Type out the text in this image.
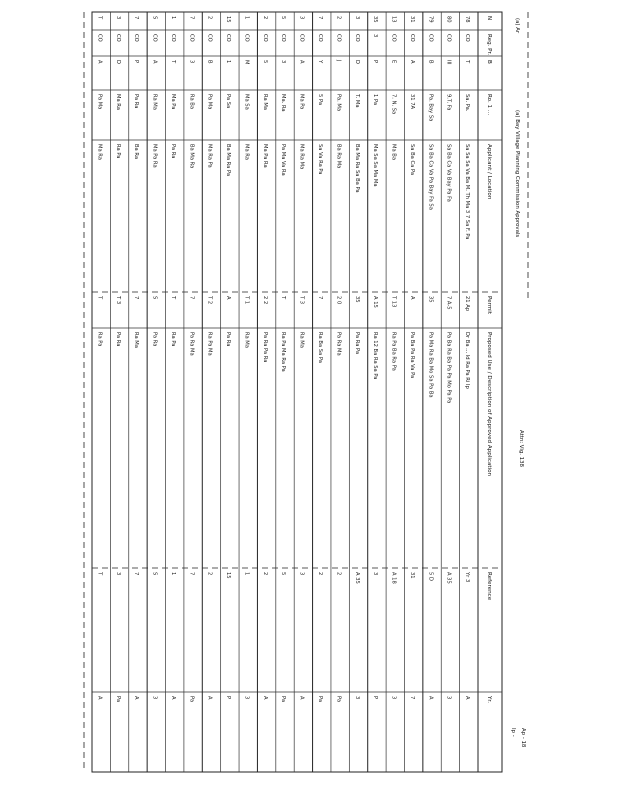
N
Reg. Pr.
B
Ro. 1 ...
Applicant / Location
Permit
Proposed Use / Description of Approved Application
Reference
Yr.
78
CO
T
Sa. Pa.
Sa Sa Sa Va Ba M. Th Ma 3 7 Sa F. Pa
21 Ap
Dr Ba ... Id Ra Pa Ri Ip
Yr 3
A
80
CO
III
9.T. Fa
Sa Ba Ca Va Bay Pa Fa
7 A-5
Pa Ba Ra Ba Pa Pa Mo Pa Pa
A 35
3
79
CO
B
Pa. Bay Sa
Sa Ba Ca Va Pa Bay Fa Sa
35
Pa Ma Ra Ba Mo Sa Pa Ba
5 D
A
31
CO
A
31 7A
Sa Ba Ca Pa
A
Pa Ba Pa Ra Va Pa
31
7
13
CO
E
7. N. Sa
Ma Ba
T 13
Ra Pa Ba Ra Pa
A 18
3
35
3
P
1 Pa
Ma Sa Sa Ma Ma
A 15
Ra 12 Ba Ra Sa Pa
3
P
3
CO
D
T. Ma
Ba Ma Ra Sa Ba Pa
35
Pa Ra Pa
A 35
3
2
CO
J
Pa. Ma
Ba Ra Ma
2 0
Pa Ra Ma
2
Pa
7
CO
Y
5 Pa
Sa Va Ra Pa
7
Ra Ba Sa Pa
2
Pa
3
CO
A
Ma Pa
Ma Ra Ma
T 3
Ra Ma
3
A
5
CO
3
Ma. Ra
Pa Ma Va Ra
T
Ra Pa Ma Ra Pa
5
Pa
2
CO
5
Ra Ma
Ma Pa Ra
2 2
Pa Ra Pa Ra
2
A
1
CO
M
Ma Sa
Ma Ra
T 1
Ra Ma
1
3
15
CO
1
Pa Sa
Ba Ma Ra Pa
A
Pa Ra
15
P
2
CO
B
Pa Ma
Ma Ra Pa
T 2
Ra Pa Ma
2
A
7
CO
3
Ra Ba
Ba Ma Ra
7
Pa Ra Ma
7
Pa
1
CO
T
Ma Pa
Pa Ra
T
Ra Pa
1
A
S
CO
A
Ra Ma
Ma Pa Ra
S
Pa Ra
S
3
7
CO
P
Pa Ra
Ba Ra
7
Ra Ma
7
A
3
CO
D
Ma Ra
Ra Pa
T 3
Pa Ra
3
Pa
T
CO
A
Pa Ma
Ma Ra
T
Ra Pa
T
A
(a) Ar
(a) Bay Village Planning Commission Approvals
Attn: Vig. 138
Ip - Ap - 18
